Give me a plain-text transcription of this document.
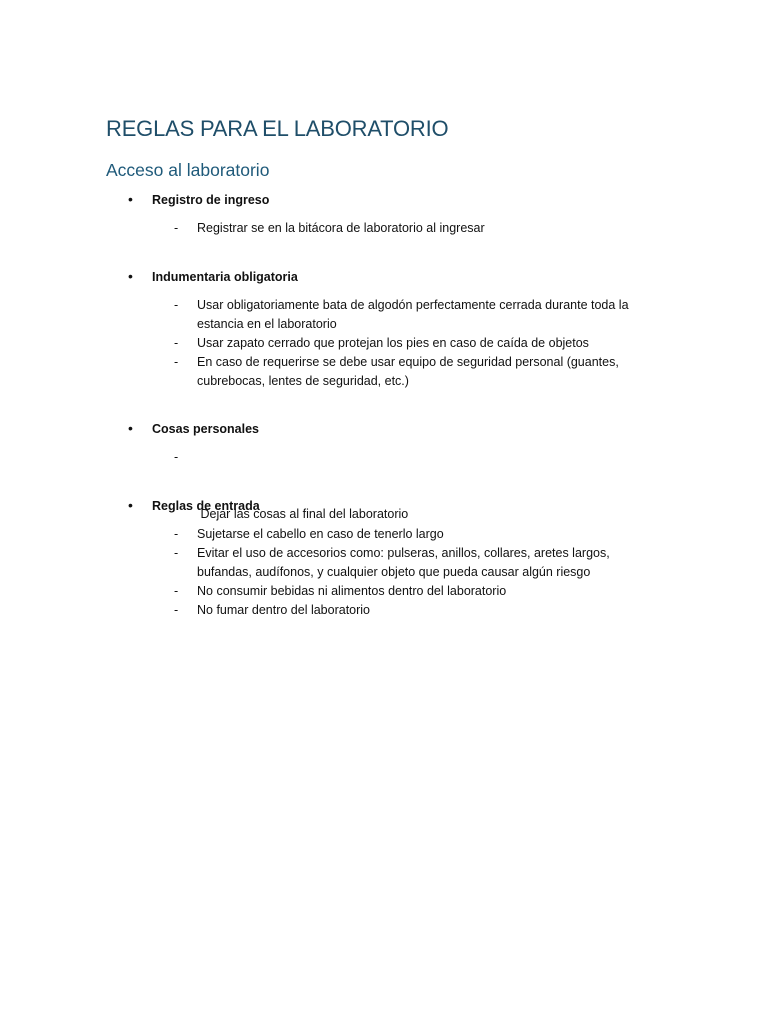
REGLAS PARA EL LABORATORIO
Acceso al laboratorio
• Registro de ingreso
- Registrar se en la bitácora de laboratorio al ingresar
• Indumentaria obligatoria
- Usar obligatoriamente bata de algodón perfectamente cerrada durante toda la estancia en el laboratorio
- Usar zapato cerrado que protejan los pies en caso de caída de objetos
- En caso de requerirse se debe usar equipo de seguridad personal (guantes, cubrebocas, lentes de seguridad, etc.)
• Cosas personales

-

Dejar las cosas al final del laboratorio

• Reglas de entrada
- Sujetarse el cabello en caso de tenerlo largo
- Evitar el uso de accesorios como: pulseras, anillos, collares, aretes largos, bufandas, audífonos, y cualquier objeto que pueda causar algún riesgo
- No consumir bebidas ni alimentos dentro del laboratorio
- No fumar dentro del laboratorio
